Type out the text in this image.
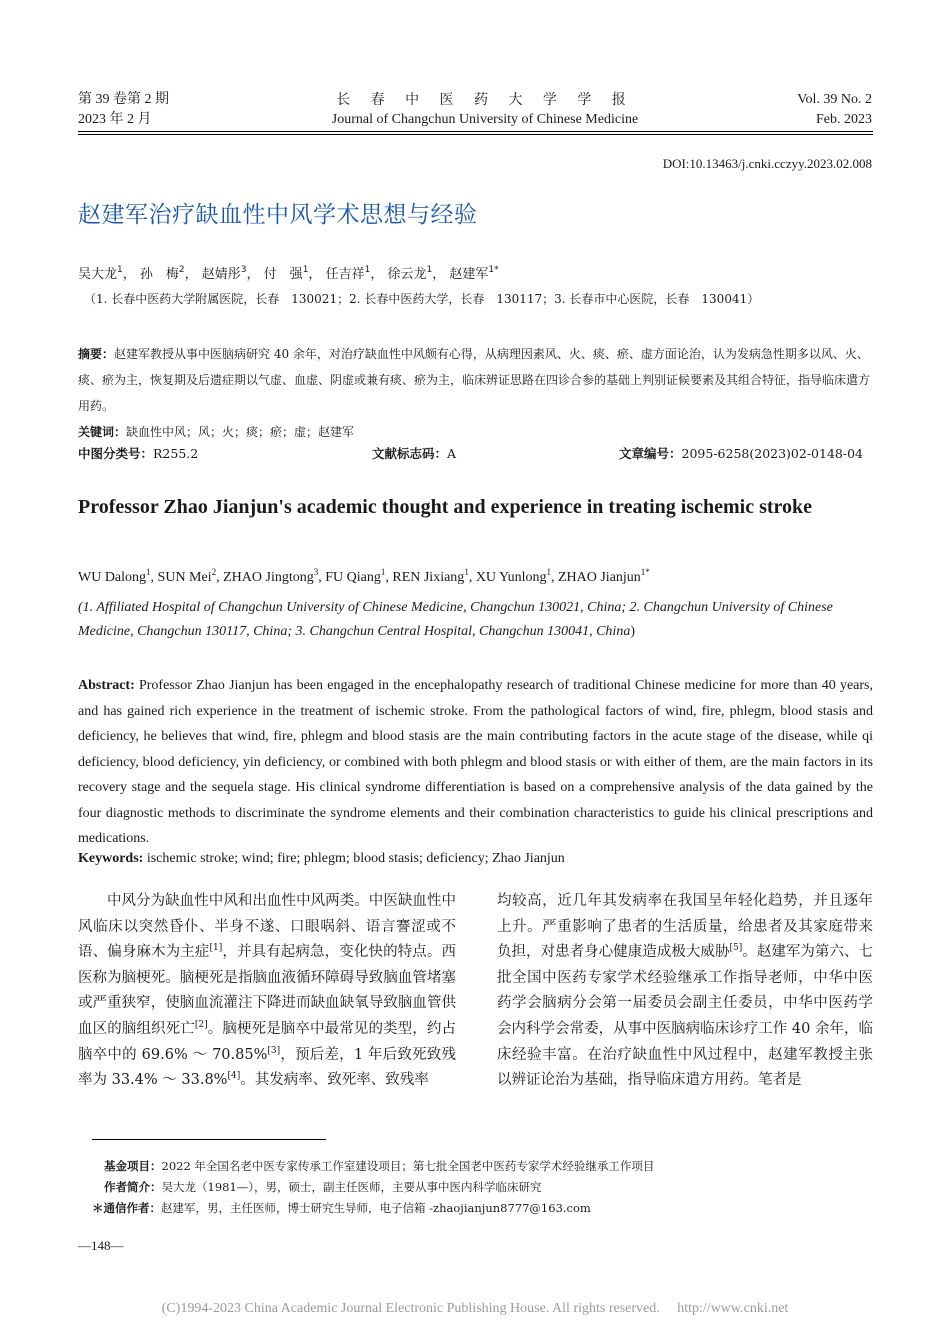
第 39 卷第 2 期
2023 年 2 月
长 春 中 医 药 大 学 学 报
Journal of Changchun University of Chinese Medicine
Vol. 39 No. 2
Feb. 2023
DOI:10.13463/j.cnki.cczyy.2023.02.008
赵建军治疗缺血性中风学术思想与经验
吴大龙$^1$， 孙　梅$^2$， 赵婧彤$^3$， 付　强$^1$， 任吉祥$^1$， 徐云龙$^1$， 赵建军$^{1*}$
（1. 长春中医药大学附属医院，长春　130021；2. 长春中医药大学，长春　130117；3. 长春市中心医院，长春　130041）
摘要：赵建军教授从事中医脑病研究 40 余年，对治疗缺血性中风颇有心得，从病理因素风、火、痰、瘀、虚方面论治，认为发病急性期多以风、火、痰、瘀为主，恢复期及后遗症期以气虚、血虚、阴虚或兼有痰、瘀为主，临床辨证思路在四诊合参的基础上判别证候要素及其组合特征，指导临床遣方用药。
关键词：缺血性中风；风；火；痰；瘀；虚；赵建军
中图分类号：R255.2	文献标志码：A	文章编号：2095-6258(2023)02-0148-04
Professor Zhao Jianjun's academic thought and experience in treating ischemic stroke
WU Dalong$^1$, SUN Mei$^2$, ZHAO Jingtong$^3$, FU Qiang$^1$, REN Jixiang$^1$, XU Yunlong$^1$, ZHAO Jianjun$^{1*}$
(1. Affiliated Hospital of Changchun University of Chinese Medicine, Changchun 130021, China; 2. Changchun University of Chinese Medicine, Changchun 130117, China; 3. Changchun Central Hospital, Changchun 130041, China)
Abstract: Professor Zhao Jianjun has been engaged in the encephalopathy research of traditional Chinese medicine for more than 40 years, and has gained rich experience in the treatment of ischemic stroke. From the pathological factors of wind, fire, phlegm, blood stasis and deficiency, he believes that wind, fire, phlegm and blood stasis are the main contributing factors in the acute stage of the disease, while qi deficiency, blood deficiency, yin deficiency, or combined with both phlegm and blood stasis or with either of them, are the main factors in its recovery stage and the sequela stage. His clinical syndrome differentiation is based on a comprehensive analysis of the data gained by the four diagnostic methods to discriminate the syndrome elements and their combination characteristics to guide his clinical prescriptions and medications.
Keywords: ischemic stroke; wind; fire; phlegm; blood stasis; deficiency; Zhao Jianjun
中风分为缺血性中风和出血性中风两类。中医缺血性中风临床以突然昏仆、半身不遂、口眼㖞斜、语言謇涩或不语、偏身麻木为主症[1]，并具有起病急，变化快的特点。西医称为脑梗死。脑梗死是指脑血液循环障碍导致脑血管堵塞或严重狭窄，使脑血流灌注下降进而缺血缺氧导致脑血管供血区的脑组织死亡[2]。脑梗死是脑卒中最常见的类型，约占脑卒中的 69.6% ～ 70.85%[3]，预后差，1 年后致死致残率为 33.4% ～ 33.8%[4]。其发病率、致死率、致残率
均较高，近几年其发病率在我国呈年轻化趋势，并且逐年上升。严重影响了患者的生活质量，给患者及其家庭带来负担，对患者身心健康造成极大威胁[5]。赵建军为第六、七批全国中医药专家学术经验继承工作指导老师，中华中医药学会脑病分会第一届委员会副主任委员，中华中医药学会内科学会常委，从事中医脑病临床诊疗工作 40 余年，临床经验丰富。在治疗缺血性中风过程中，赵建军教授主张以辨证论治为基础，指导临床遣方用药。笔者是
基金项目：2022 年全国名老中医专家传承工作室建设项目；第七批全国老中医药专家学术经验继承工作项目
作者简介：吴大龙（1981—），男，硕士，副主任医师，主要从事中医内科学临床研究
＊通信作者：赵建军，男，主任医师，博士研究生导师，电子信箱 -zhaojianjun8777@163.com
—148—
(C)1994-2023 China Academic Journal Electronic Publishing House. All rights reserved.　 http://www.cnki.net
